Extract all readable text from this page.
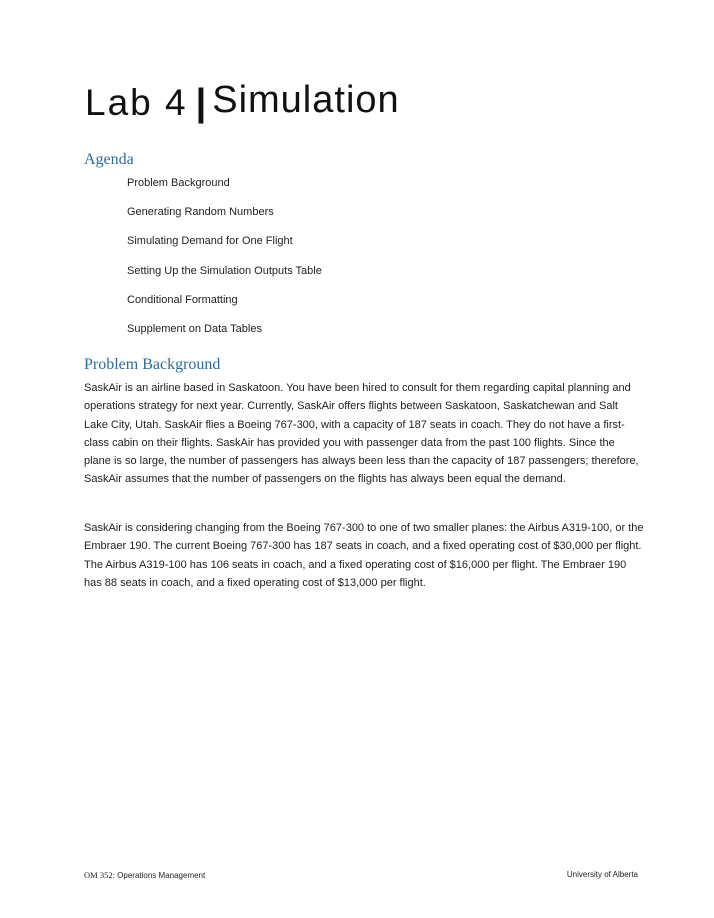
Lab 4 | Simulation
Agenda
Problem Background
Generating Random Numbers
Simulating Demand for One Flight
Setting Up the Simulation Outputs Table
Conditional Formatting
Supplement on Data Tables
Problem Background

SaskAir is an airline based in Saskatoon. You have been hired to consult for them regarding capital planning and operations strategy for next year. Currently, SaskAir offers flights between Saskatoon, Saskatchewan and Salt Lake City, Utah. SaskAir flies a Boeing 767-300, with a capacity of 187 seats in coach. They do not have a first-class cabin on their flights. SaskAir has provided you with passenger data from the past 100 flights. Since the plane is so large, the number of passengers has always been less than the capacity of 187 passengers; therefore, SaskAir assumes that the number of passengers on the flights has always been equal the demand.

SaskAir is considering changing from the Boeing 767-300 to one of two smaller planes: the Airbus A319-100, or the Embraer 190. The current Boeing 767-300 has 187 seats in coach, and a fixed operating cost of $30,000 per flight. The Airbus A319-100 has 106 seats in coach, and a fixed operating cost of $16,000 per flight. The Embraer 190 has 88 seats in coach, and a fixed operating cost of $13,000 per flight.

OM 352: Operations Management	University of Alberta
